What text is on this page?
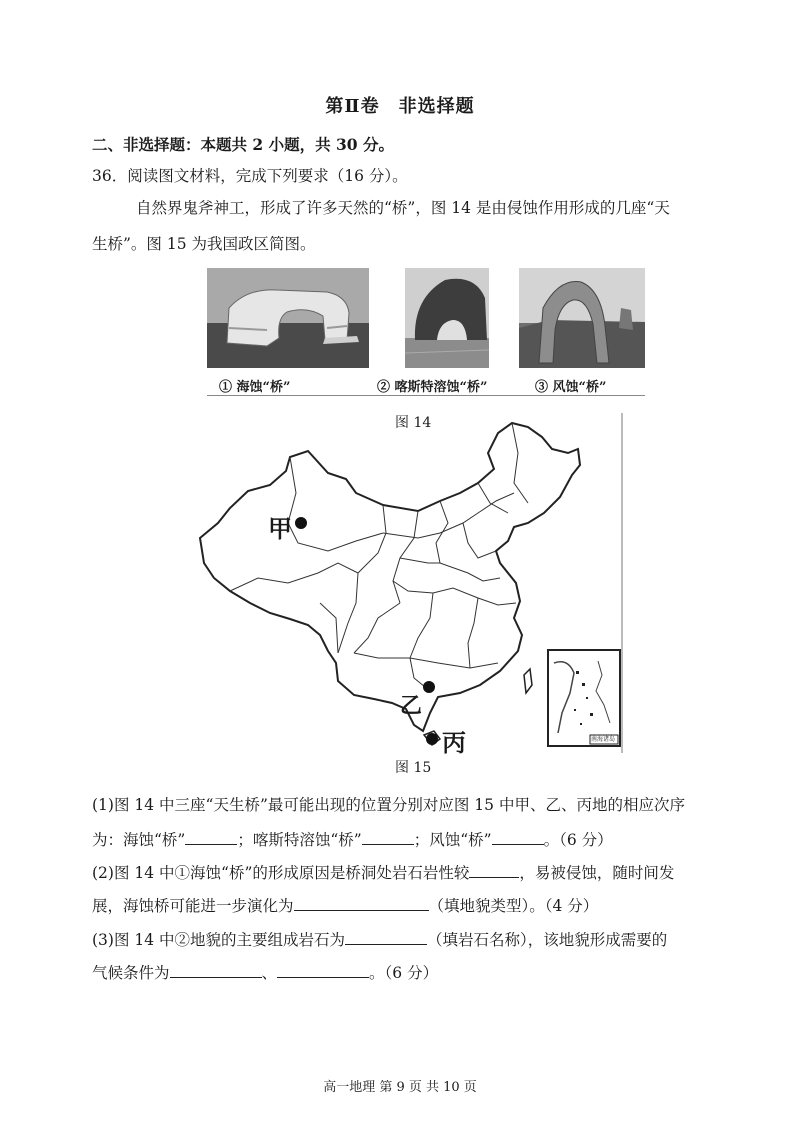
第Ⅱ卷　非选择题
二、非选择题：本题共 2 小题，共 30 分。
36．阅读图文材料，完成下列要求（16 分）。
自然界鬼斧神工，形成了许多天然的“桥”，图 14 是由侵蚀作用形成的几座“天
生桥”。图 15 为我国政区简图。
① 海蚀“桥”	② 喀斯特溶蚀“桥”	③ 风蚀“桥”
图 14
甲
乙
丙	南海诸岛
图 15
(1)图 14 中三座“天生桥”最可能出现的位置分别对应图 15 中甲、乙、丙地的相应次序
为：海蚀“桥”	；喀斯特溶蚀“桥”	；风蚀“桥”	。（6 分）
(2)图 14 中①海蚀“桥”的形成原因是桥洞处岩石岩性较	，易被侵蚀，随时间发
展，海蚀桥可能进一步演化为	（填地貌类型）。（4 分）
(3)图 14 中②地貌的主要组成岩石为	（填岩石名称），该地貌形成需要的
气候条件为	、	。（6 分）
高一地理 第 9 页 共 10 页
